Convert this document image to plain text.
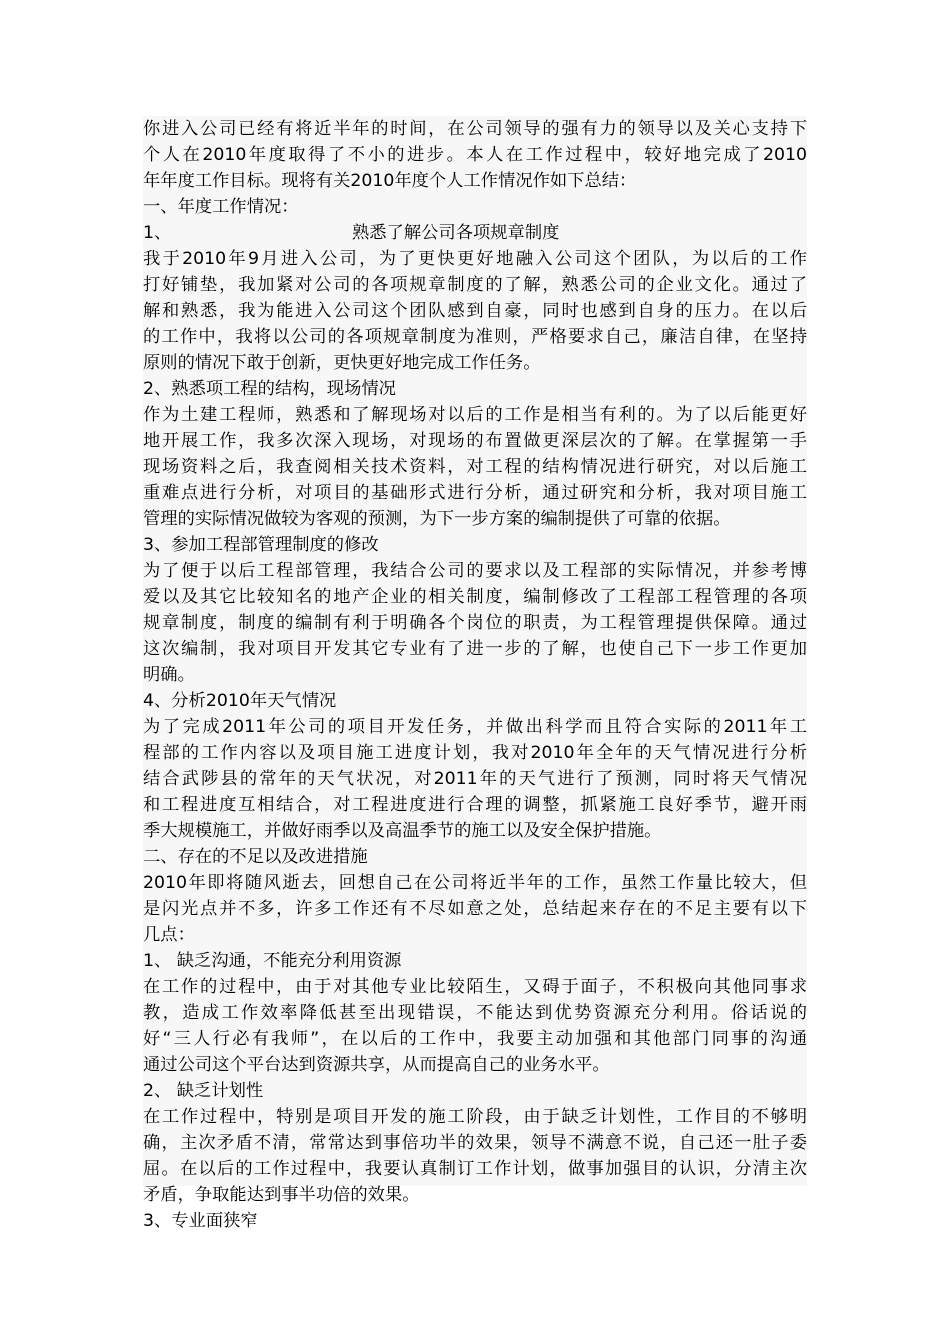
你进入公司已经有将近半年的时间，在公司领导的强有力的领导以及关心支持下
个人在2010年度取得了不小的进步。本人在工作过程中，较好地完成了2010
年年度工作目标。现将有关2010年度个人工作情况作如下总结：
一、年度工作情况：
1、	熟悉了解公司各项规章制度
我于2010年9月进入公司，为了更快更好地融入公司这个团队，为以后的工作
打好铺垫，我加紧对公司的各项规章制度的了解，熟悉公司的企业文化。通过了
解和熟悉，我为能进入公司这个团队感到自豪，同时也感到自身的压力。在以后
的工作中，我将以公司的各项规章制度为准则，严格要求自己，廉洁自律，在坚持
原则的情况下敢于创新，更快更好地完成工作任务。
2、熟悉项工程的结构，现场情况
作为土建工程师，熟悉和了解现场对以后的工作是相当有利的。为了以后能更好
地开展工作，我多次深入现场，对现场的布置做更深层次的了解。在掌握第一手
现场资料之后，我查阅相关技术资料，对工程的结构情况进行研究，对以后施工
重难点进行分析，对项目的基础形式进行分析，通过研究和分析，我对项目施工
管理的实际情况做较为客观的预测，为下一步方案的编制提供了可靠的依据。
3、参加工程部管理制度的修改
为了便于以后工程部管理，我结合公司的要求以及工程部的实际情况，并参考博
爱以及其它比较知名的地产企业的相关制度，编制修改了工程部工程管理的各项
规章制度，制度的编制有利于明确各个岗位的职责，为工程管理提供保障。通过
这次编制，我对项目开发其它专业有了进一步的了解，也使自己下一步工作更加
明确。
4、分析2010年天气情况
为了完成2011年公司的项目开发任务，并做出科学而且符合实际的2011年工
程部的工作内容以及项目施工进度计划，我对2010年全年的天气情况进行分析
结合武陟县的常年的天气状况，对2011年的天气进行了预测，同时将天气情况
和工程进度互相结合，对工程进度进行合理的调整，抓紧施工良好季节，避开雨
季大规模施工，并做好雨季以及高温季节的施工以及安全保护措施。
二、存在的不足以及改进措施
2010年即将随风逝去，回想自己在公司将近半年的工作，虽然工作量比较大，但
是闪光点并不多，许多工作还有不尽如意之处，总结起来存在的不足主要有以下
几点：
1、 缺乏沟通，不能充分利用资源
在工作的过程中，由于对其他专业比较陌生，又碍于面子，不积极向其他同事求
教，造成工作效率降低甚至出现错误，不能达到优势资源充分利用。俗话说的
好“三人行必有我师”，在以后的工作中，我要主动加强和其他部门同事的沟通
通过公司这个平台达到资源共享，从而提高自己的业务水平。
2、 缺乏计划性
在工作过程中，特别是项目开发的施工阶段，由于缺乏计划性，工作目的不够明
确，主次矛盾不清，常常达到事倍功半的效果，领导不满意不说，自己还一肚子委
屈。在以后的工作过程中，我要认真制订工作计划，做事加强目的认识，分清主次
矛盾，争取能达到事半功倍的效果。
3、专业面狭窄
